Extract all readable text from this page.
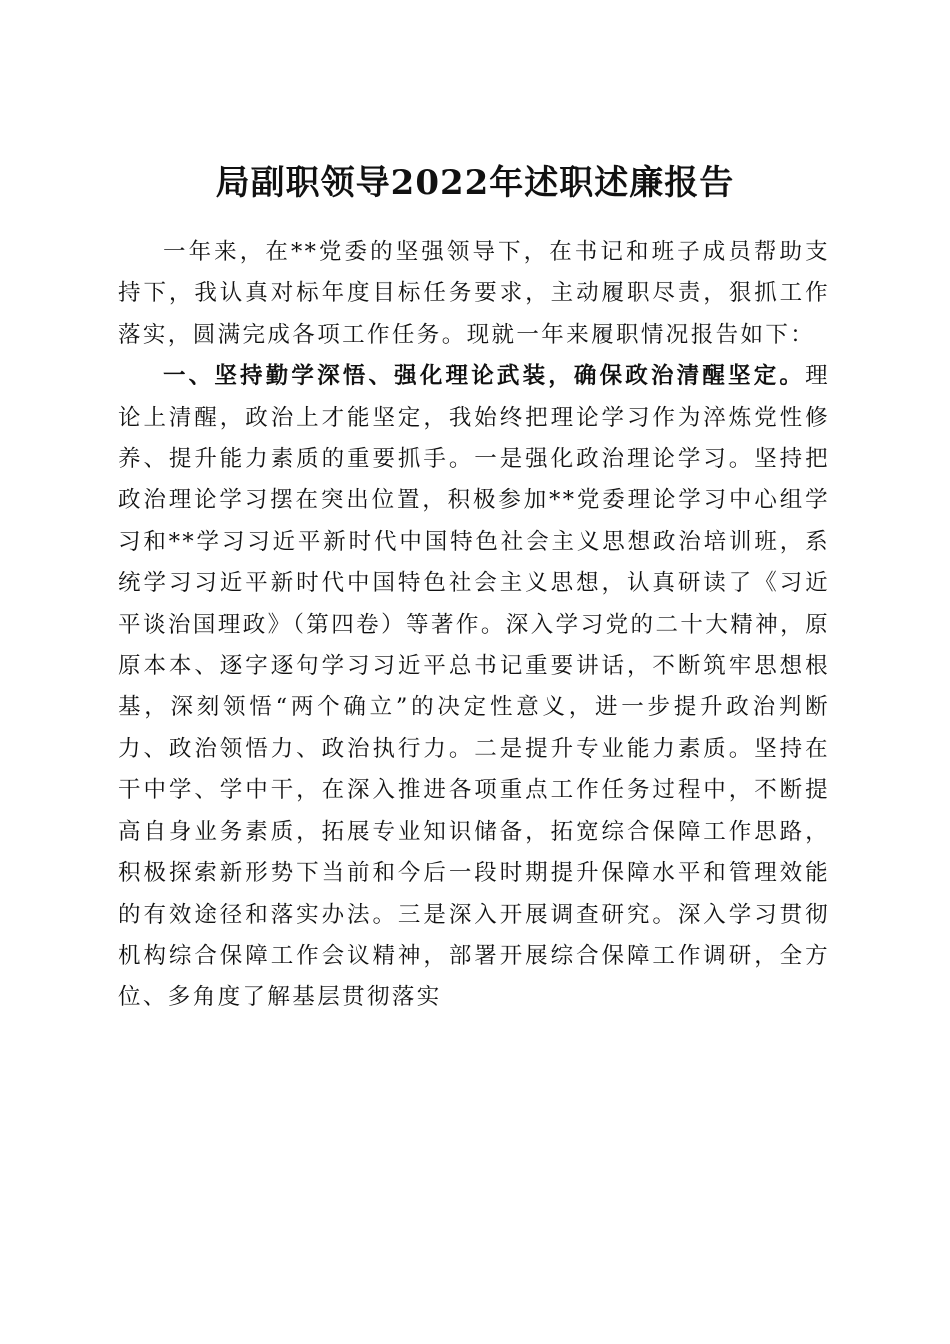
局副职领导2022年述职述廉报告

一年来，在**党委的坚强领导下，在书记和班子成员帮助支持下，我认真对标年度目标任务要求，主动履职尽责，狠抓工作落实，圆满完成各项工作任务。现就一年来履职情况报告如下：

一、坚持勤学深悟、强化理论武装，确保政治清醒坚定。理论上清醒，政治上才能坚定，我始终把理论学习作为淬炼党性修养、提升能力素质的重要抓手。一是强化政治理论学习。坚持把政治理论学习摆在突出位置，积极参加**党委理论学习中心组学习和**学习习近平新时代中国特色社会主义思想政治培训班，系统学习习近平新时代中国特色社会主义思想，认真研读了《习近平谈治国理政》（第四卷）等著作。深入学习党的二十大精神，原原本本、逐字逐句学习习近平总书记重要讲话，不断筑牢思想根基，深刻领悟“两个确立”的决定性意义，进一步提升政治判断力、政治领悟力、政治执行力。二是提升专业能力素质。坚持在干中学、学中干，在深入推进各项重点工作任务过程中，不断提高自身业务素质，拓展专业知识储备，拓宽综合保障工作思路，积极探索新形势下当前和今后一段时期提升保障水平和管理效能的有效途径和落实办法。三是深入开展调查研究。深入学习贯彻机构综合保障工作会议精神，部署开展综合保障工作调研，全方位、多角度了解基层贯彻落实
